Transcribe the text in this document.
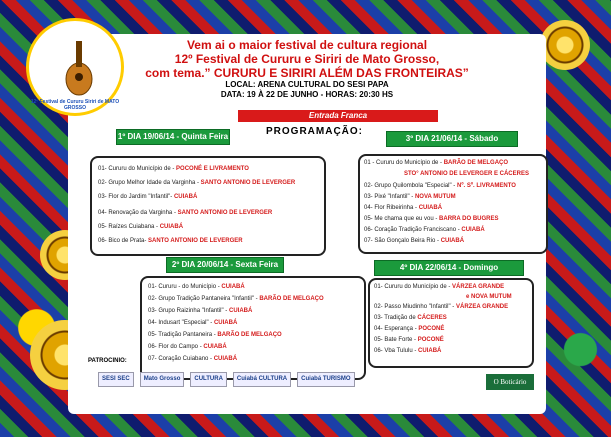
Vem ai o maior festival de cultura regional
12º Festival de Cururu e Siriri de Mato Grosso,
com tema.” CURURU E SIRIRI ALÉM DAS FRONTEIRAS”
LOCAL: ARENA CULTURAL DO SESI PAPA
DATA: 19 À 22 DE JUNHO - HORAS: 20:30 HS
Entrada Franca
PROGRAMAÇÃO:
1º DIA 19/06/14 - Quinta Feira
01- Cururu do Município de - POCONÉ E LIVRAMENTO
02- Grupo Melhor Idade da Varginha - SANTO ANTONIO DE LEVERGER
03- Flor do Jardim "Infantil"- CUIABÁ
04- Renovação da Varginha - SANTO ANTONIO DE LEVERGER
05- Raízes Cuiabana - CUIABÁ
06- Bico de Prata- SANTO ANTONIO DE LEVERGER
3º DIA 21/06/14 - Sábado
01 - Cururu do Município de - BARÃO DE MELGAÇO
STO° ANTONIO DE LEVERGER E CÁCERES
02- Grupo Quilombola "Especial" - Nº. Sº. LIVRAMENTO
03- Pixé "Infantil" - NOVA MUTUM
04- Flor Ribeirinha - CUIABÁ
05- Me chama que eu vou - BARRA DO BUGRES
06- Coração Tradição Franciscano - CUIABÁ
07- São Gonçalo Beira Rio - CUIABÁ
2º DIA 20/06/14 - Sexta Feira
01- Cururu - do Município - CUIABÁ
02- Grupo Tradição Pantaneira "Infantil" - BARÃO DE MELGAÇO
03- Grupo Raizinha "Infantil" - CUIABÁ
04- Indusart "Especial" - CUIABÁ
05- Tradição Pantaneira - BARÃO DE MELGAÇO
06- Flor do Campo - CUIABÁ
07- Coração Cuiabano - CUIABÁ
4º DIA 22/06/14 - Domingo
01- Cururu do Município de - VÁRZEA GRANDE
e NOVA MUTUM
02- Passo Miudinho "Infantil" - VÁRZEA GRANDE
03- Tradição de CÁCERES
04- Esperança - POCONÉ
05- Bate Forte - POCONÉ
06- Vba Tululu - CUIABÁ
PATROCINIO:
SESI SEC	Mato Grosso	CULTURA	Cuiabá CULTURA	Cuiabá TURISMO	O Boticário
12º Festival de Cururu Siriri de MATO GROSSO
